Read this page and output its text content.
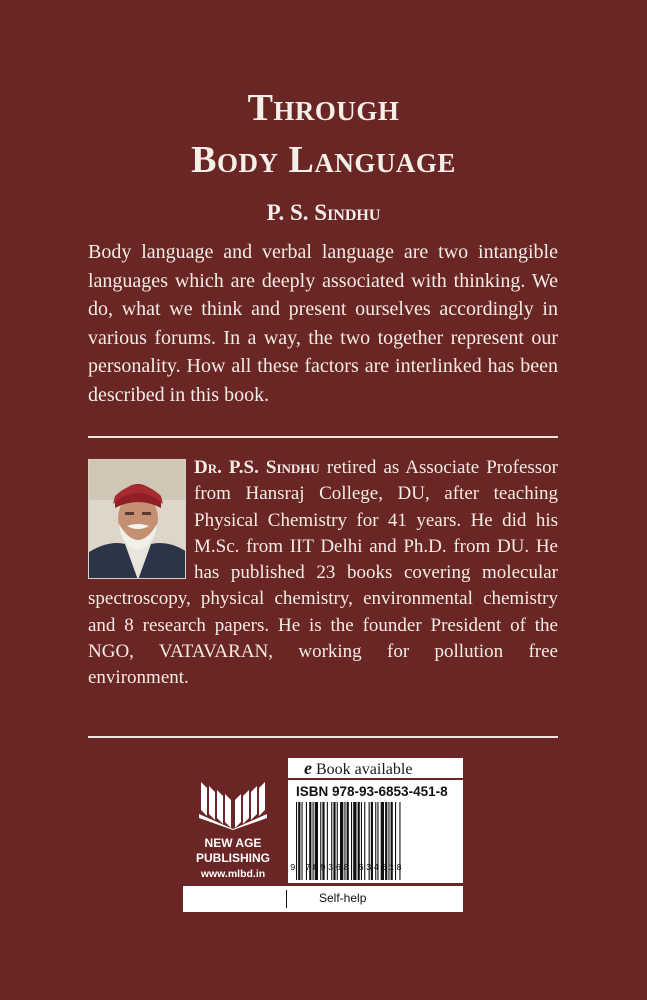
Through
Body Language
P. S. Sindhu

Body language and verbal language are two intangible languages which are deeply associated with thinking. We do, what we think and present ourselves accordingly in various forums. In a way, the two together represent our personality. How all these factors are interlinked has been described in this book.

Dr. P.S. Sindhu retired as Associate Professor from Hansraj College, DU, after teaching Physical Chemistry for 41 years. He did his M.Sc. from IIT Delhi and Ph.D. from DU. He has published 23 books covering molecular spectroscopy, physical chemistry, environmental chemistry and 8 research papers. He is the founder President of the NGO, VATAVARAN, working for pollution free environment.

NEW AGE
PUBLISHING
www.mlbd.in
e Book available
ISBN 978-93-6853-451-8
9 789368 534518
Self-help
